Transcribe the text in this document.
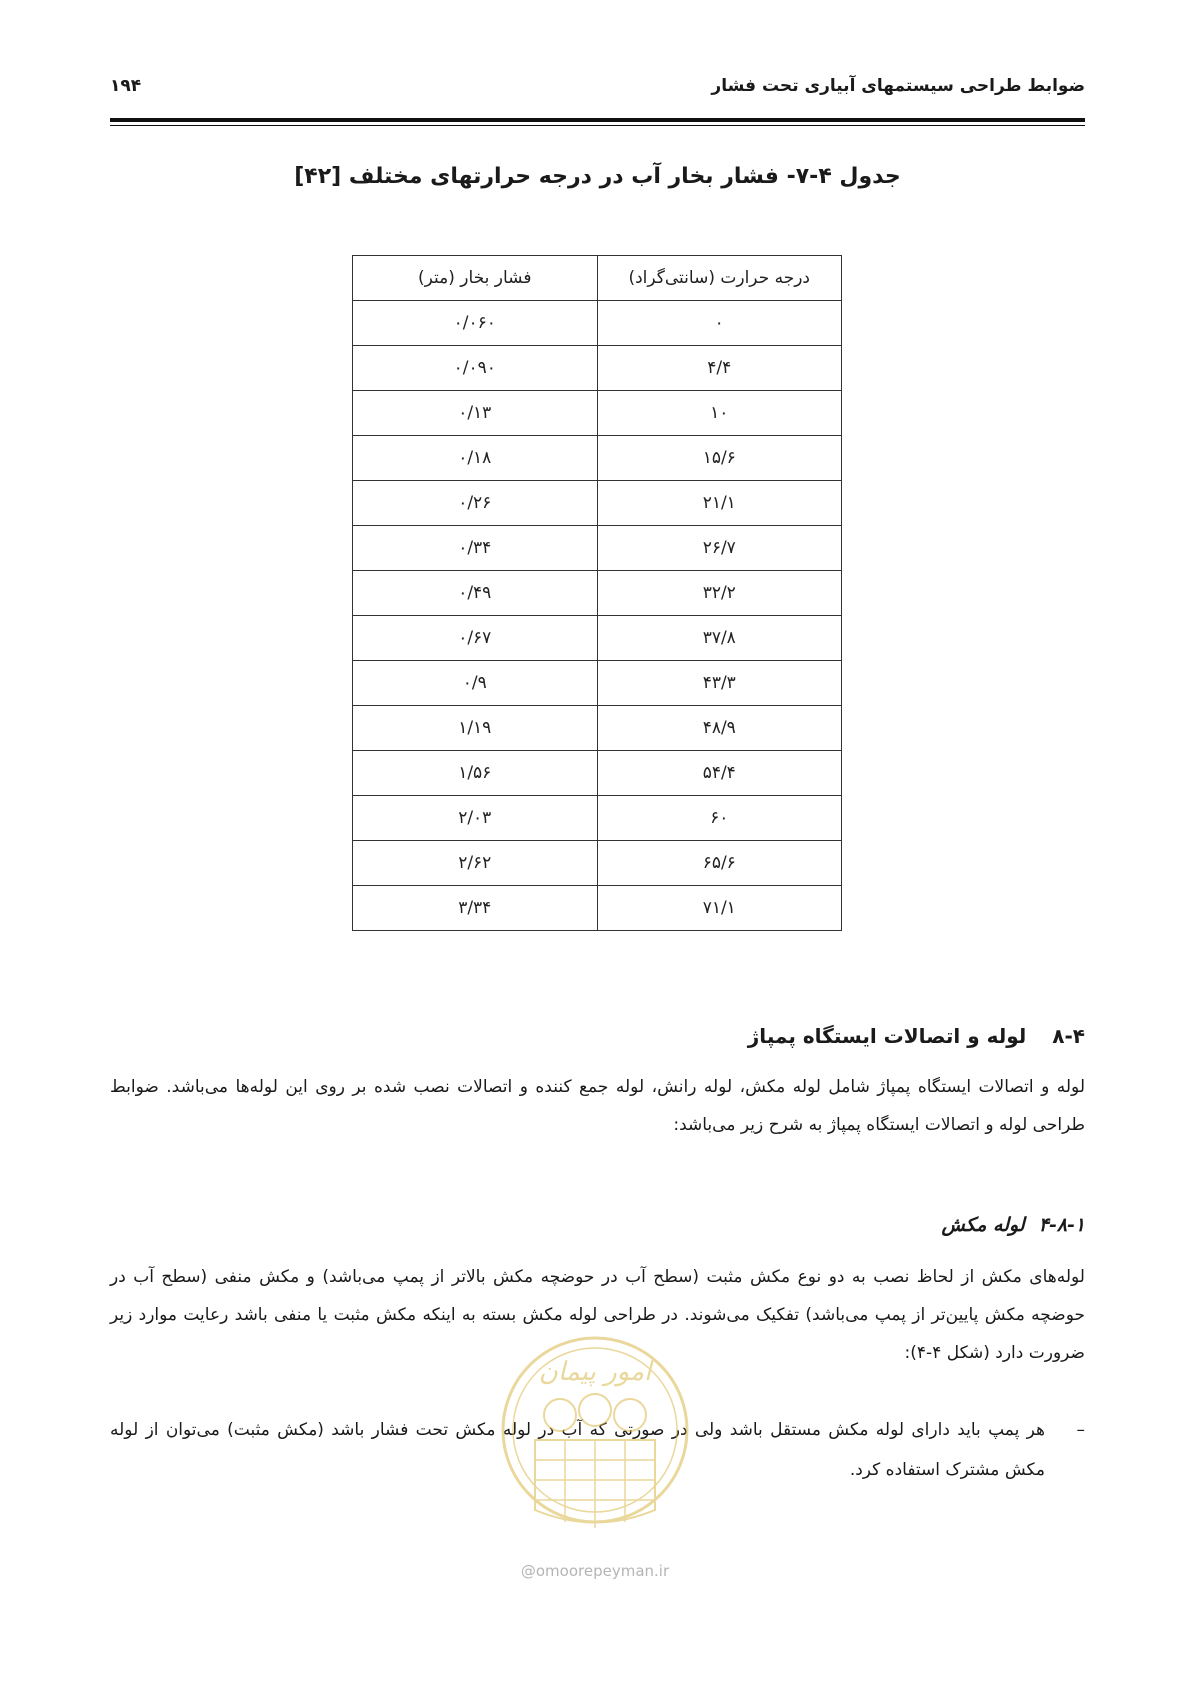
ضوابط طراحی سیستمهای آبیاری تحت فشار
۱۹۴
جدول ۴-۷- فشار بخار آب در درجه حرارتهای مختلف [۴۲]
درجه حرارت (سانتی‌گراد)	فشار بخار (متر)
۰	۰/۰۶۰
۴/۴	۰/۰۹۰
۱۰	۰/۱۳
۱۵/۶	۰/۱۸
۲۱/۱	۰/۲۶
۲۶/۷	۰/۳۴
۳۲/۲	۰/۴۹
۳۷/۸	۰/۶۷
۴۳/۳	۰/۹
۴۸/۹	۱/۱۹
۵۴/۴	۱/۵۶
۶۰	۲/۰۳
۶۵/۶	۲/۶۲
۷۱/۱	۳/۳۴
۸-۴لوله و اتصالات ایستگاه پمپاژ
لوله و اتصالات ایستگاه پمپاژ شامل لوله مکش، لوله رانش، لوله جمع کننده و اتصالات نصب شده بر روی این لوله‌ها می‌باشد. ضوابط طراحی لوله و اتصالات ایستگاه پمپاژ به شرح زیر می‌باشد:
۴-۸-۱لوله مکش
لوله‌های مکش از لحاظ نصب به دو نوع مکش مثبت (سطح آب در حوضچه مکش بالاتر از پمپ می‌باشد) و مکش منفی (سطح آب در حوضچه مکش پایین‌تر از پمپ می‌باشد) تفکیک می‌شوند. در طراحی لوله مکش بسته به اینکه مکش مثبت یا منفی باشد رعایت موارد زیر ضرورت دارد (شکل ۴-۴):
–
هر پمپ باید دارای لوله مکش مستقل باشد ولی در صورتی که آب در لوله مکش تحت فشار باشد (مکش مثبت) می‌توان از لوله مکش مشترک استفاده کرد.
امور پیمان
@omoorepeyman.ir
